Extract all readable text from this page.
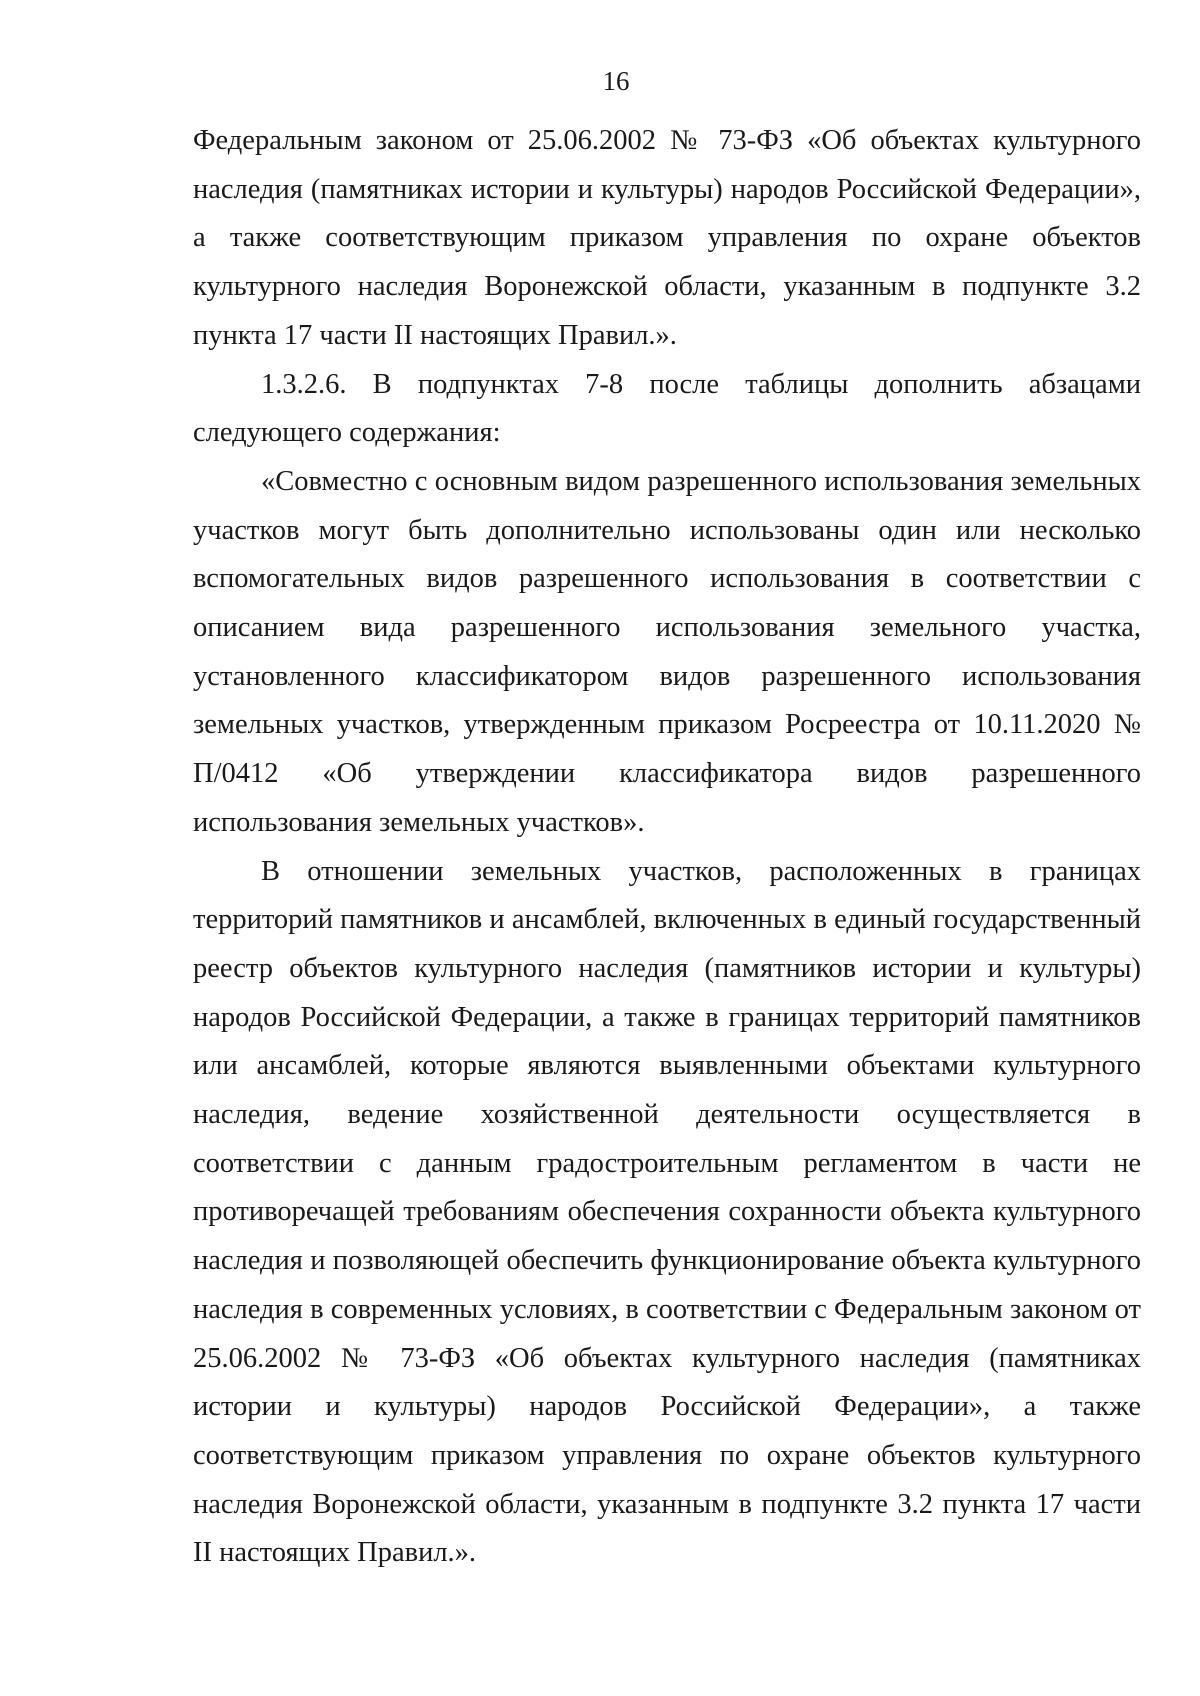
16

Федеральным законом от 25.06.2002 № 73-ФЗ «Об объектах культурного наследия (памятниках истории и культуры) народов Российской Федерации», а также соответствующим приказом управления по охране объектов культурного наследия Воронежской области, указанным в подпункте 3.2 пункта 17 части II настоящих Правил.».

1.3.2.6. В подпунктах 7-8 после таблицы дополнить абзацами следующего содержания:

«Совместно с основным видом разрешенного использования земельных участков могут быть дополнительно использованы один или несколько вспомогательных видов разрешенного использования в соответствии с описанием вида разрешенного использования земельного участка, установленного классификатором видов разрешенного использования земельных участков, утвержденным приказом Росреестра от 10.11.2020 № П/0412 «Об утверждении классификатора видов разрешенного использования земельных участков».

В отношении земельных участков, расположенных в границах территорий памятников и ансамблей, включенных в единый государственный реестр объектов культурного наследия (памятников истории и культуры) народов Российской Федерации, а также в границах территорий памятников или ансамблей, которые являются выявленными объектами культурного наследия, ведение хозяйственной деятельности осуществляется в соответствии с данным градостроительным регламентом в части не противоречащей требованиям обеспечения сохранности объекта культурного наследия и позволяющей обеспечить функционирование объекта культурного наследия в современных условиях, в соответствии с Федеральным законом от 25.06.2002 № 73-ФЗ «Об объектах культурного наследия (памятниках истории и культуры) народов Российской Федерации», а также соответствующим приказом управления по охране объектов культурного наследия Воронежской области, указанным в подпункте 3.2 пункта 17 части II настоящих Правил.».
